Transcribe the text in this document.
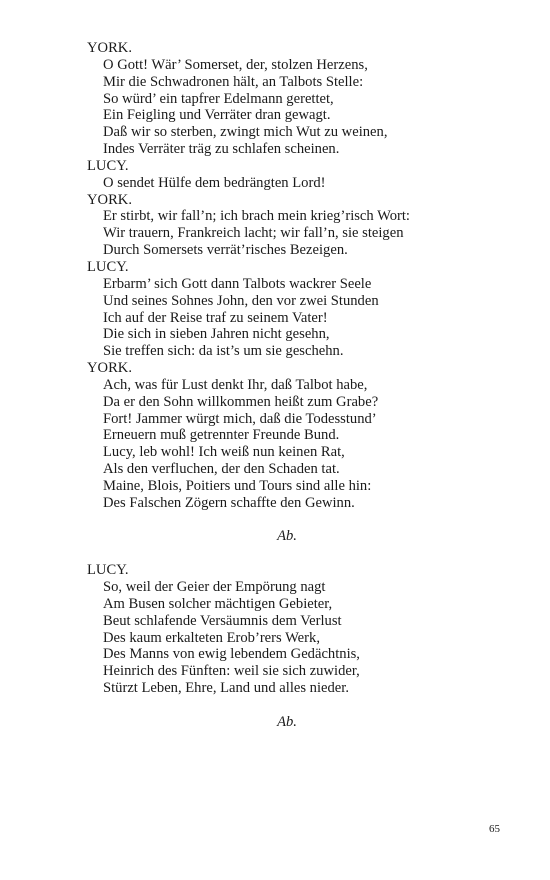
YORK.
O Gott! Wär’ Somerset, der, stolzen Herzens,
Mir die Schwadronen hält, an Talbots Stelle:
So würd’ ein tapfrer Edelmann gerettet,
Ein Feigling und Verräter dran gewagt.
Daß wir so sterben, zwingt mich Wut zu weinen,
Indes Verräter träg zu schlafen scheinen.
LUCY.
O sendet Hülfe dem bedrängten Lord!
YORK.
Er stirbt, wir fall’n; ich brach mein krieg’risch Wort:
Wir trauern, Frankreich lacht; wir fall’n, sie steigen
Durch Somersets verrät’risches Bezeigen.
LUCY.
Erbarm’ sich Gott dann Talbots wackrer Seele
Und seines Sohnes John, den vor zwei Stunden
Ich auf der Reise traf zu seinem Vater!
Die sich in sieben Jahren nicht gesehn,
Sie treffen sich: da ist’s um sie geschehn.
YORK.
Ach, was für Lust denkt Ihr, daß Talbot habe,
Da er den Sohn willkommen heißt zum Grabe?
Fort! Jammer würgt mich, daß die Todesstund’
Erneuern muß getrennter Freunde Bund.
Lucy, leb wohl! Ich weiß nun keinen Rat,
Als den verfluchen, der den Schaden tat.
Maine, Blois, Poitiers und Tours sind alle hin:
Des Falschen Zögern schaffte den Gewinn.
Ab.
LUCY.
So, weil der Geier der Empörung nagt
Am Busen solcher mächtigen Gebieter,
Beut schlafende Versäumnis dem Verlust
Des kaum erkalteten Erob’rers Werk,
Des Manns von ewig lebendem Gedächtnis,
Heinrich des Fünften: weil sie sich zuwider,
Stürzt Leben, Ehre, Land und alles nieder.
Ab.
65
